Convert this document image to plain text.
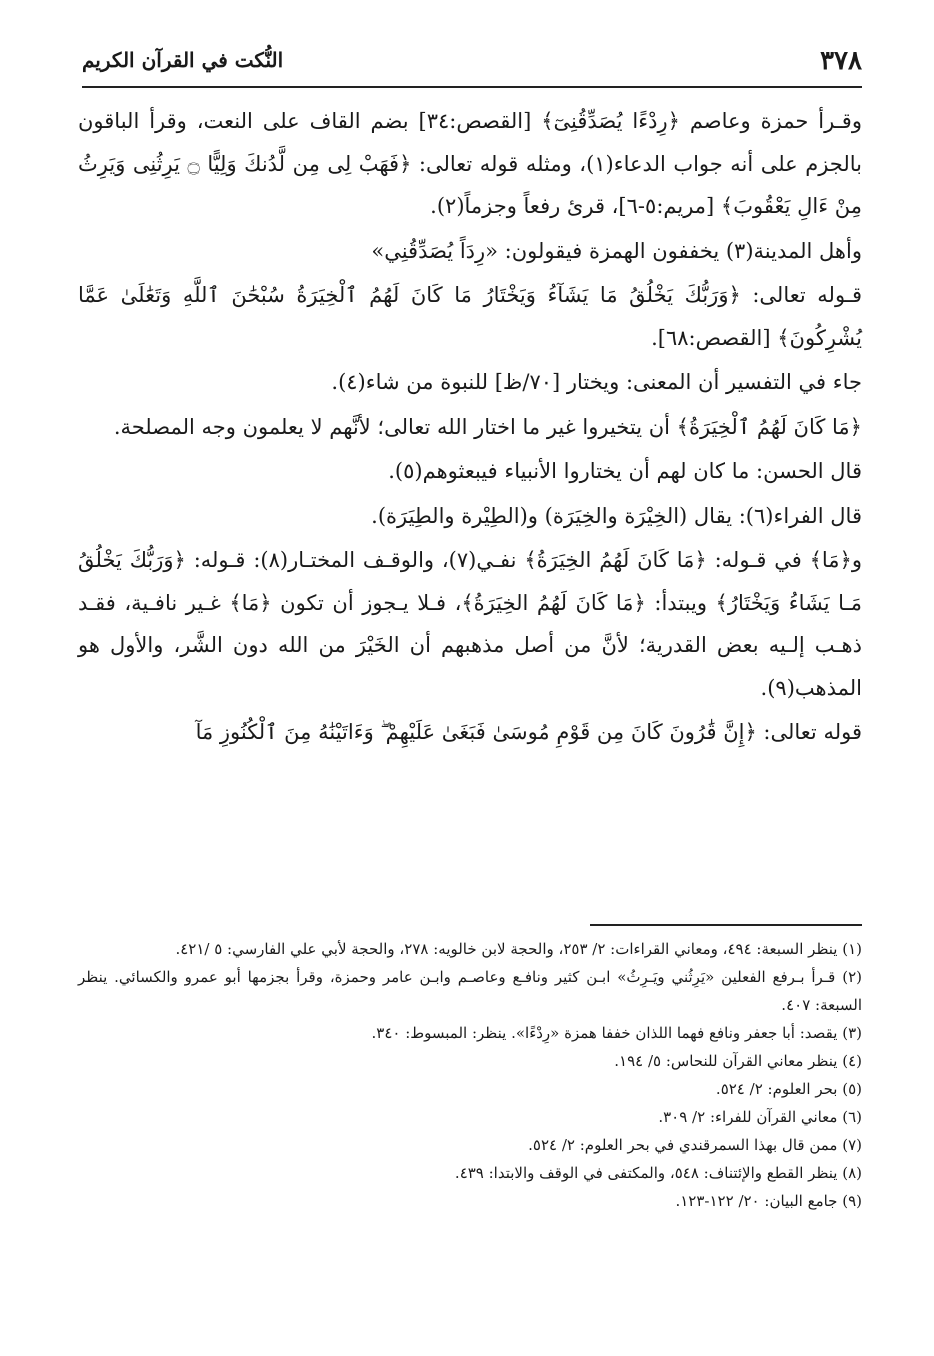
٣٧٨
النُّكت في القرآن الكريم

وقـرأ حمزة وعاصم ﴿رِدْءًا يُصَدِّقُنِىٓ﴾ [القصص:٣٤] بضم القاف على النعت، وقرأ الباقون بالجزم على أنه جواب الدعاء(١)، ومثله قوله تعالى: ﴿فَهَبْ لِى مِن لَّدُنكَ وَلِيًّا ۝ يَرِثُنِى وَيَرِثُ مِنْ ءَالِ يَعْقُوبَ﴾ [مريم:٥-٦]، قرئ رفعاً وجزماً(٢).

وأهل المدينة(٣) يخففون الهمزة فيقولون: «رِدَاً يُصَدِّقُنِي»

قـوله تعالى: ﴿وَرَبُّكَ يَخْلُقُ مَا يَشَآءُ وَيَخْتَارُ مَا كَانَ لَهُمُ ٱلْخِيَرَةُ سُبْحَٰنَ ٱللَّهِ وَتَعَٰلَىٰ عَمَّا يُشْرِكُونَ﴾ [القصص:٦٨].

جاء في التفسير أن المعنى: ويختار [٧٠/ظ] للنبوة من شاء(٤).

﴿مَا كَانَ لَهُمُ ٱلْخِيَرَةُ﴾ أن يتخيروا غير ما اختار الله تعالى؛ لأنَّهم لا يعلمون وجه المصلحة.

قال الحسن: ما كان لهم أن يختاروا الأنبياء فيبعثوهم(٥).

قال الفراء(٦): يقال (الخِيْرَة والخِيَرَة) و(الطِيْرة والطِيَرَة).

و﴿مَا﴾ في قـوله: ﴿مَا كَانَ لَهُمُ الخِيَرَةُ﴾ نفـي(٧)، والوقـف المختـار(٨): قـوله: ﴿وَرَبُّكَ يَخْلُقُ مَـا يَشَاءُ وَيَخْتَارُ﴾ ويبتدأ: ﴿مَا كَانَ لَهُمُ الخِيَرَةُ﴾، فـلا يـجوز أن تكون ﴿مَا﴾ غـير نافـية، فقـد ذهـب إلـيه بعض القدرية؛ لأنَّ من أصل مذهبهم أن الخَيْرَ من الله دون الشَّر، والأول هو المذهب(٩).

قوله تعالى: ﴿إِنَّ قَٰرُونَ كَانَ مِن قَوْمِ مُوسَىٰ فَبَغَىٰ عَلَيْهِمْ ۖ وَءَاتَيْنَٰهُ مِنَ ٱلْكُنُوزِ مَآ

(١) ينظر السبعة: ٤٩٤، ومعاني القراءات: ٢/ ٢٥٣، والحجة لابن خالويه: ٢٧٨، والحجة لأبي علي الفارسي: ٥ /٤٢١.

(٢) قـرأ بـرفع الفعلين «يَرِثُني ويَـرِثُ» ابـن كثير ونافـع وعاصـم وابـن عامر وحمزة، وقرأ بجزمها أبو عمرو والكسائي. ينظر السبعة: ٤٠٧.

(٣) يقصد: أبا جعفر ونافع فهما اللذان خففا همزة «رِدْءًا». ينظر: المبسوط: ٣٤٠.

(٤) ينظر معاني القرآن للنحاس: ٥/ ١٩٤.

(٥) بحر العلوم: ٢/ ٥٢٤.

(٦) معاني القرآن للفراء: ٢/ ٣٠٩.

(٧) ممن قال بهذا السمرقندي في بحر العلوم: ٢/ ٥٢٤.

(٨) ينظر القطع والإئتناف: ٥٤٨، والمكتفى في الوقف والابتدا: ٤٣٩.

(٩) جامع البيان: ٢٠/ ١٢٢-١٢٣.
